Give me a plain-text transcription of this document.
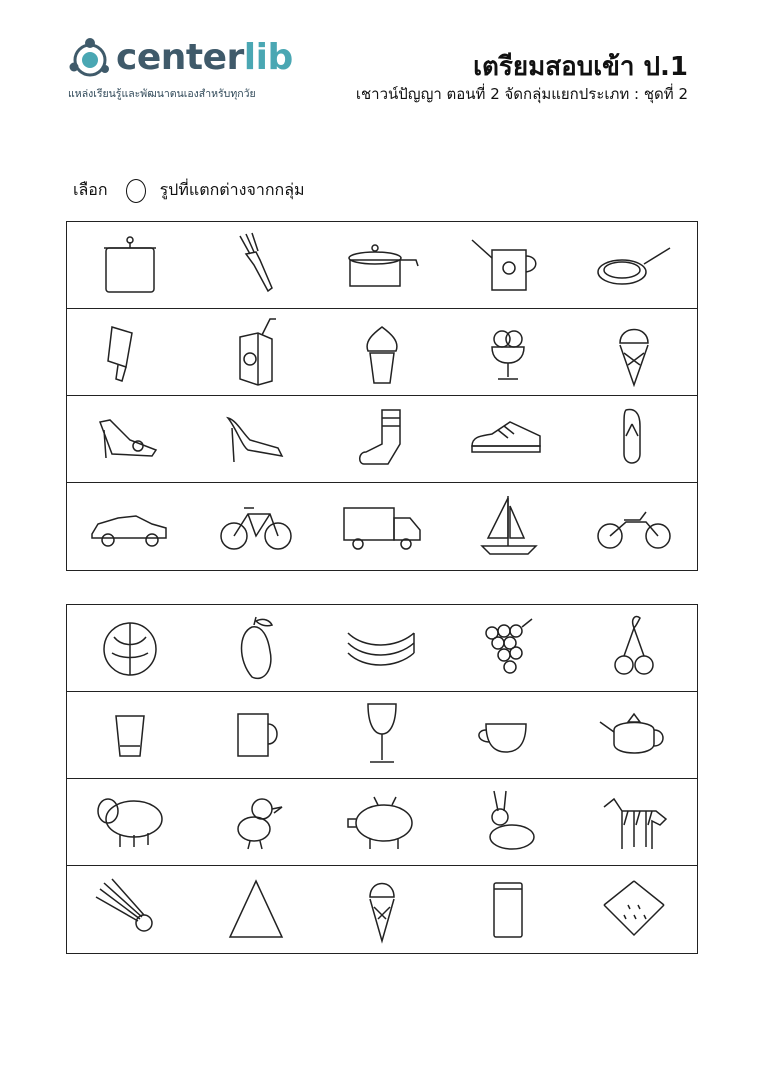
centerlib
แหล่งเรียนรู้และพัฒนาตนเองสำหรับทุกวัย
เตรียมสอบเข้า ป.1
เชาวน์ปัญญา ตอนที่ 2 จัดกลุ่มแยกประเภท : ชุดที่ 2
เลือก	รูปที่แตกต่างจากกลุ่ม
